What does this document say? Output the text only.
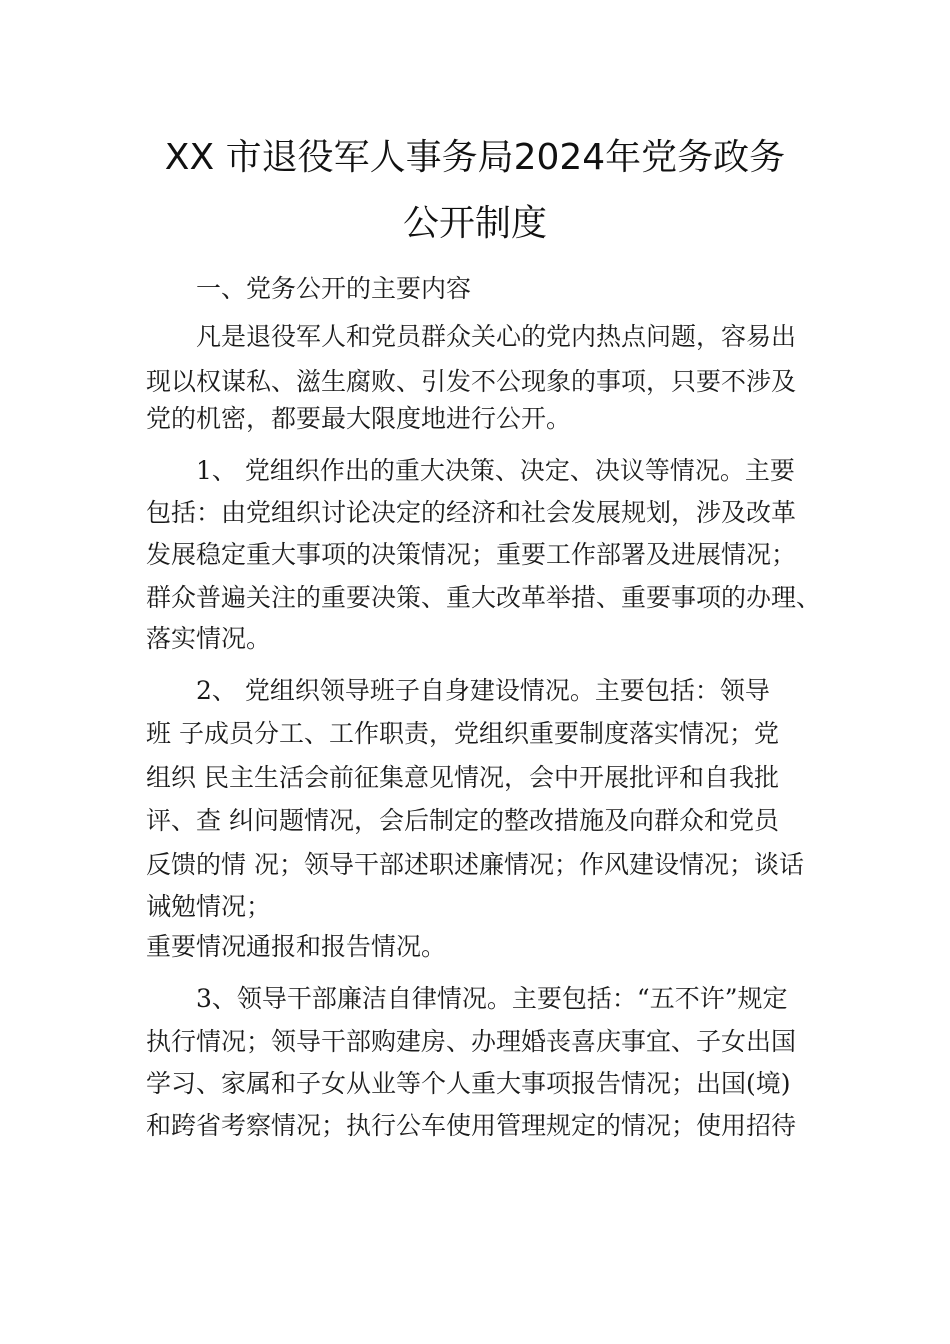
XX 市退役军人事务局2024年党务政务
公开制度
　　一、党务公开的主要内容
　　凡是退役军人和党员群众关心的党内热点问题，容易出
现以权谋私、滋生腐败、引发不公现象的事项，只要不涉及
党的机密，都要最大限度地进行公开。
　　1、 党组织作出的重大决策、决定、决议等情况。主要
包括：由党组织讨论决定的经济和社会发展规划，涉及改革
发展稳定重大事项的决策情况；重要工作部署及进展情况；
群众普遍关注的重要决策、重大改革举措、重要事项的办理、
落实情况。
　　2、 党组织领导班子自身建设情况。主要包括：领导
班 子成员分工、工作职责，党组织重要制度落实情况；党
组织 民主生活会前征集意见情况，会中开展批评和自我批
评、查 纠问题情况，会后制定的整改措施及向群众和党员
反馈的情 况；领导干部述职述廉情况；作风建设情况；谈话
诫勉情况；
重要情况通报和报告情况。
　　3、领导干部廉洁自律情况。主要包括：“五不许”规定
执行情况；领导干部购建房、办理婚丧喜庆事宜、子女出国
学习、家属和子女从业等个人重大事项报告情况；出国(境)
和跨省考察情况；执行公车使用管理规定的情况；使用招待
